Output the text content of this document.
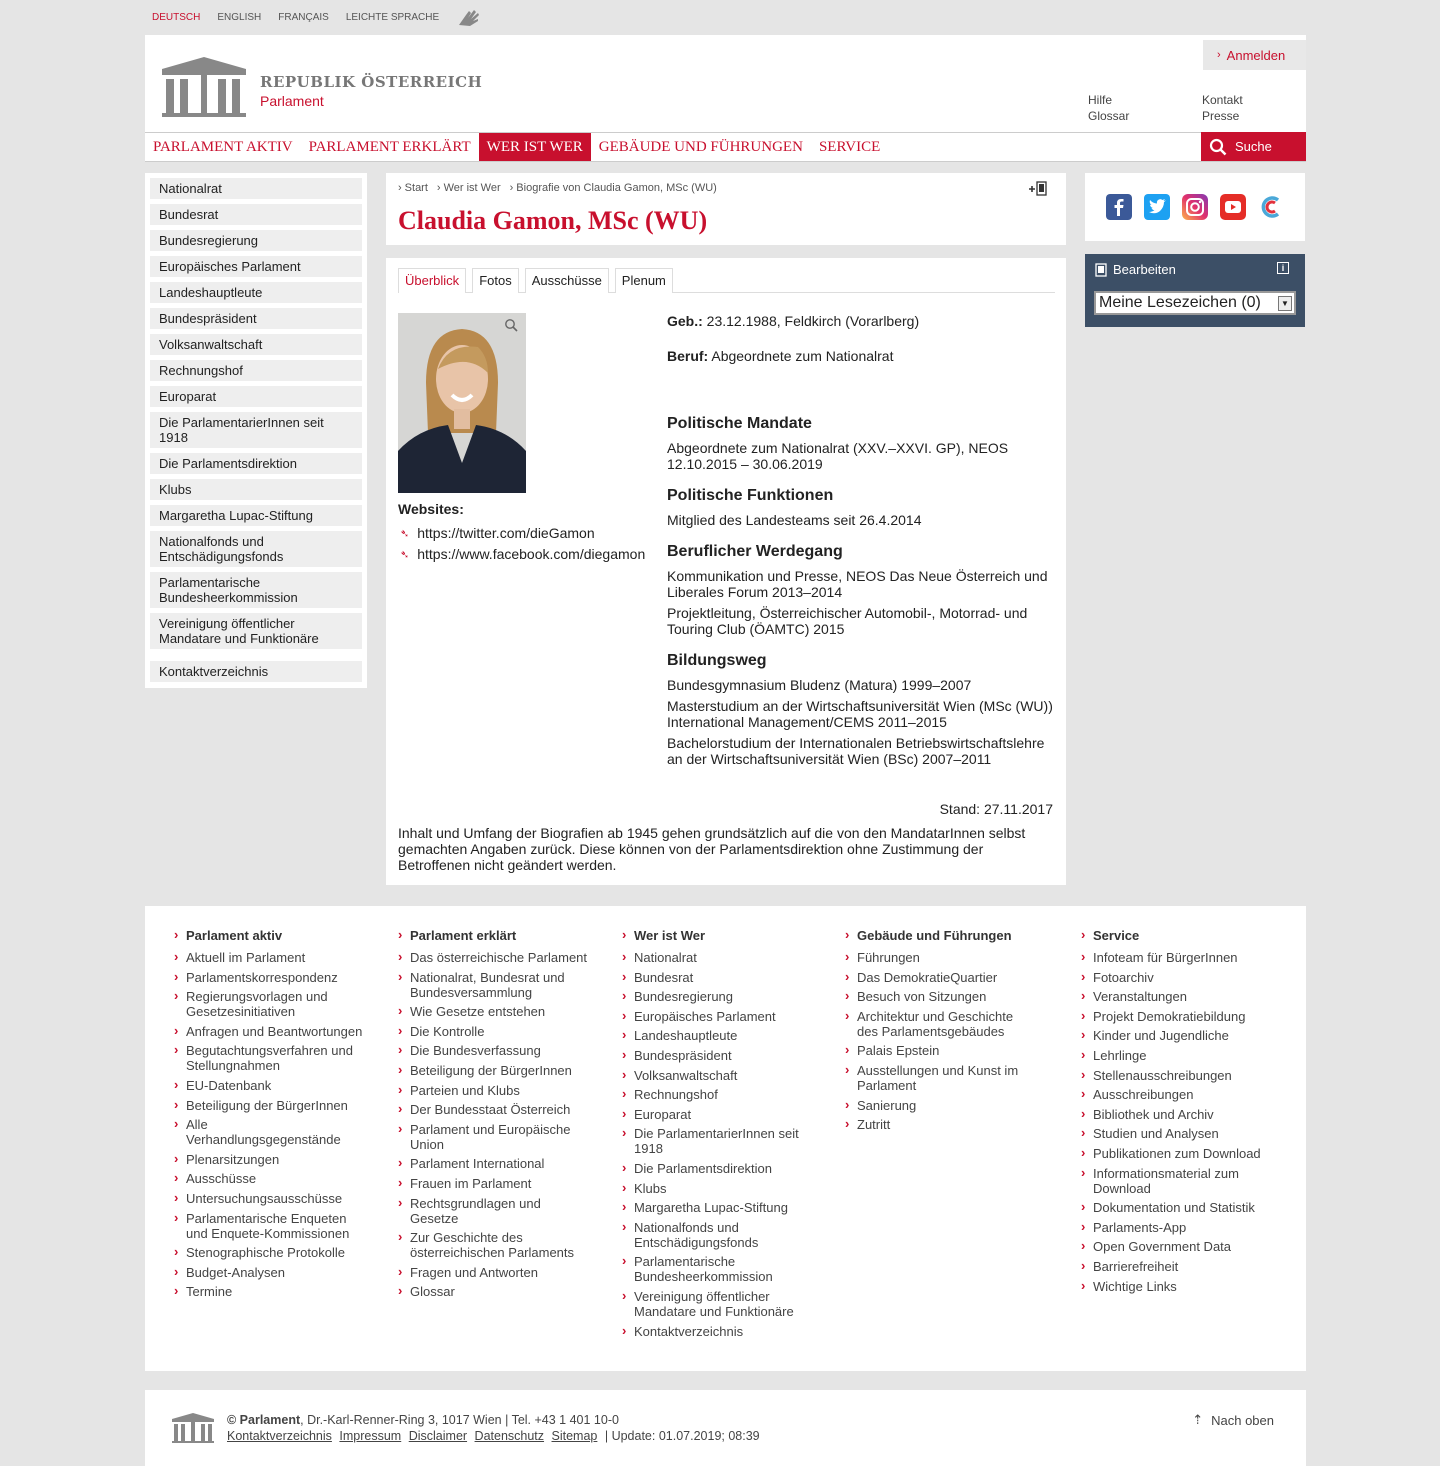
DEUTSCH ENGLISH FRANÇAIS LEICHTE SPRACHE
REPUBLIK ÖSTERREICH
Parlament
› Anmelden
Hilfe
Glossar
Kontakt
Presse
PARLAMENT AKTIV	PARLAMENT ERKLÄRT	WER IST WER	GEBÄUDE UND FÜHRUNGEN	SERVICE	Suche
Nationalrat
Bundesrat
Bundesregierung
Europäisches Parlament
Landeshauptleute
Bundespräsident
Volksanwaltschaft
Rechnungshof
Europarat
Die ParlamentarierInnen seit 1918
Die Parlamentsdirektion
Klubs
Margaretha Lupac-Stiftung
Nationalfonds und Entschädigungsfonds
Parlamentarische Bundesheerkommission
Vereinigung öffentlicher Mandatare und Funktionäre
Kontaktverzeichnis
› Start	› Wer ist Wer	› Biografie von Claudia Gamon, MSc (WU)
Claudia Gamon, MSc (WU)
Überblick	Fotos	Ausschüsse	Plenum
Websites:
➴ https://twitter.com/dieGamon
➴ https://www.facebook.com/diegamon

Geb.: 23.12.1988, Feldkirch (Vorarlberg)

Beruf: Abgeordnete zum Nationalrat

Politische Mandate

Abgeordnete zum Nationalrat (XXV.–XXVI. GP), NEOS
12.10.2015 – 30.06.2019

Politische Funktionen

Mitglied des Landesteams seit 26.4.2014

Beruflicher Werdegang

Kommunikation und Presse, NEOS Das Neue Österreich und Liberales Forum 2013–2014

Projektleitung, Österreichischer Automobil-, Motorrad- und Touring Club (ÖAMTC) 2015

Bildungsweg

Bundesgymnasium Bludenz (Matura) 1999–2007

Masterstudium an der Wirtschaftsuniversität Wien (MSc (WU)) International Management/CEMS 2011–2015

Bachelorstudium der Internationalen Betriebswirtschaftslehre an der Wirtschaftsuniversität Wien (BSc) 2007–2011

Stand: 27.11.2017
Inhalt und Umfang der Biografien ab 1945 gehen grundsätzlich auf die von den MandatarInnen selbst gemachten Angaben zurück. Diese können von der Parlamentsdirektion ohne Zustimmung der Betroffenen nicht geändert werden.
Bearbeiten	i
Meine Lesezeichen (0)	▼
› Parlament aktiv
› Aktuell im Parlament
› Parlamentskorrespondenz
› Regierungsvorlagen und Gesetzesinitiativen
› Anfragen und Beantwortungen
› Begutachtungsverfahren und Stellungnahmen
› EU-Datenbank
› Beteiligung der BürgerInnen
› Alle Verhandlungsgegenstände
› Plenarsitzungen
› Ausschüsse
› Untersuchungsausschüsse
› Parlamentarische Enqueten und Enquete-Kommissionen
› Stenographische Protokolle
› Budget-Analysen
› Termine
› Parlament erklärt
› Das österreichische Parlament
› Nationalrat, Bundesrat und Bundesversammlung
› Wie Gesetze entstehen
› Die Kontrolle
› Die Bundesverfassung
› Beteiligung der BürgerInnen
› Parteien und Klubs
› Der Bundesstaat Österreich
› Parlament und Europäische Union
› Parlament International
› Frauen im Parlament
› Rechtsgrundlagen und Gesetze
› Zur Geschichte des österreichischen Parlaments
› Fragen und Antworten
› Glossar
› Wer ist Wer
› Nationalrat
› Bundesrat
› Bundesregierung
› Europäisches Parlament
› Landeshauptleute
› Bundespräsident
› Volksanwaltschaft
› Rechnungshof
› Europarat
› Die ParlamentarierInnen seit 1918
› Die Parlamentsdirektion
› Klubs
› Margaretha Lupac-Stiftung
› Nationalfonds und Entschädigungsfonds
› Parlamentarische Bundesheerkommission
› Vereinigung öffentlicher Mandatare und Funktionäre
› Kontaktverzeichnis
› Gebäude und Führungen
› Führungen
› Das DemokratieQuartier
› Besuch von Sitzungen
› Architektur und Geschichte des Parlamentsgebäudes
› Palais Epstein
› Ausstellungen und Kunst im Parlament
› Sanierung
› Zutritt
› Service
› Infoteam für BürgerInnen
› Fotoarchiv
› Veranstaltungen
› Projekt Demokratiebildung
› Kinder und Jugendliche
› Lehrlinge
› Stellenausschreibungen
› Ausschreibungen
› Bibliothek und Archiv
› Studien und Analysen
› Publikationen zum Download
› Informationsmaterial zum Download
› Dokumentation und Statistik
› Parlaments-App
› Open Government Data
› Barrierefreiheit
› Wichtige Links
© Parlament, Dr.-Karl-Renner-Ring 3, 1017 Wien | Tel. +43 1 401 10-0
Kontaktverzeichnis Impressum Disclaimer Datenschutz Sitemap | Update: 01.07.2019; 08:39
⇡ Nach oben
